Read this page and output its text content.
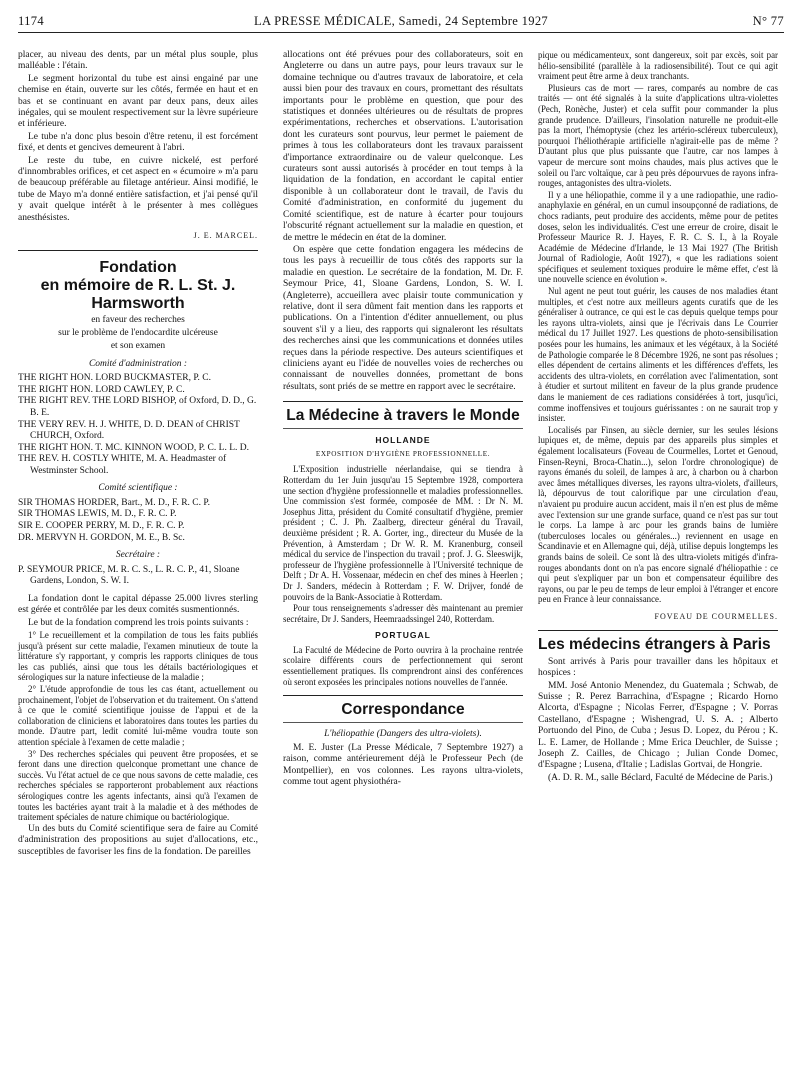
1174	LA PRESSE MÉDICALE, Samedi, 24 Septembre 1927	N° 77

placer, au niveau des dents, par un métal plus souple, plus malléable : l'étain.

Le segment horizontal du tube est ainsi engainé par une chemise en étain, ouverte sur les côtés, fermée en haut et en bas et se continuant en avant par deux pans, deux ailes inégales, qui se moulent respectivement sur la lèvre supérieure et inférieure.

Le tube n'a donc plus besoin d'être retenu, il est forcément fixé, et dents et gencives demeurent à l'abri.

Le reste du tube, en cuivre nickelé, est perforé d'innombrables orifices, et cet aspect en « écumoire » m'a paru de beaucoup préférable au filetage antérieur. Ainsi modifié, le tube de Mayo m'a donné entière satisfaction, et j'ai pensé qu'il y avait quelque intérêt à le présenter à mes collègues anesthésistes.

J. E. MARCEL.
Fondation
en mémoire de R. L. St. J. Harmsworth
en faveur des recherches
sur le problème de l'endocardite ulcéreuse
et son examen
Comité d'administration :
THE RIGHT HON. LORD BUCKMASTER, P. C.
THE RIGHT HON. LORD CAWLEY, P. C.
THE RIGHT REV. THE LORD BISHOP, of Oxford, D. D., G. B. E.
THE VERY REV. H. J. WHITE, D. D. DEAN of CHRIST CHURCH, Oxford.
THE RIGHT HON. T. MC. KINNON WOOD, P. C. L. L. D.
THE REV. H. COSTLY WHITE, M. A. Headmaster of Westminster School.
Comité scientifique :
SIR THOMAS HORDER, Bart., M. D., F. R. C. P.
SIR THOMAS LEWIS, M. D., F. R. C. P.
SIR E. COOPER PERRY, M. D., F. R. C. P.
DR. MERVYN H. GORDON, M. E., B. Sc.
Secrétaire :
P. SEYMOUR PRICE, M. R. C. S., L. R. C. P., 41, Sloane Gardens, London, S. W. I.

La fondation dont le capital dépasse 25.000 livres sterling est gérée et contrôlée par les deux comités susmentionnés.

Le but de la fondation comprend les trois points suivants :

1° Le recueillement et la compilation de tous les faits publiés jusqu'à présent sur cette maladie, l'examen minutieux de toute la littérature s'y rapportant, y compris les rapports cliniques de tous les cas publiés, ainsi que tous les détails bactériologiques et sérologiques sur la nature infectieuse de la maladie ;

2° L'étude approfondie de tous les cas étant, actuellement ou prochainement, l'objet de l'observation et du traitement. On s'attend à ce que le comité scientifique jouisse de l'appui et de la collaboration de cliniciens et laboratoires dans toutes les parties du monde. D'autre part, ledit comité lui-même voudra toute son attention spéciale à l'examen de cette maladie ;

3° Des recherches spéciales qui peuvent être proposées, et se feront dans une direction quelconque promettant une chance de succès. Vu l'état actuel de ce que nous savons de cette maladie, ces recherches spéciales se rapporteront probablement aux réactions sérologiques contre les agents infectants, ainsi qu'à l'examen de toutes les bactéries ayant trait à la maladie et à des méthodes de traitement spéciales de nature chimique ou bactériologique.

Un des buts du Comité scientifique sera de faire au Comité d'administration des propositions au sujet d'allocations, etc., susceptibles de favoriser les fins de la fondation. De pareilles

allocations ont été prévues pour des collaborateurs, soit en Angleterre ou dans un autre pays, pour leurs travaux sur le domaine technique ou d'autres travaux de laboratoire, et cela aussi bien pour des travaux en cours, promettant des résultats importants pour le problème en question, que pour des statistiques et données ultérieures ou de résultats de propres expérimentations, recherches et observations. L'autorisation dont les curateurs sont pourvus, leur permet le paiement de primes à tous les collaborateurs dont les travaux paraissent d'importance extraordinaire ou de valeur quelconque. Les curateurs sont aussi autorisés à procéder en tout temps à la liquidation de la fondation, en accordant le capital entier disponible à un collaborateur dont le travail, de l'avis du Comité d'administration, en conformité du jugement du Comité scientifique, est de nature à écarter pour toujours l'obscurité régnant actuellement sur la maladie en question, et de mettre le médecin en état de la dominer.

On espère que cette fondation engagera les médecins de tous les pays à recueillir de tous côtés des rapports sur la maladie en question. Le secrétaire de la fondation, M. Dr. F. Seymour Price, 41, Sloane Gardens, London, S. W. I. (Angleterre), accueillera avec plaisir toute communication y relative, dont il sera dûment fait mention dans les rapports et publications. On a l'intention d'éditer annuellement, ou plus souvent s'il y a lieu, des rapports qui signaleront les résultats des recherches ainsi que les communications et données utiles reçues dans la période respective. Des auteurs scientifiques et cliniciens ayant eu l'idée de nouvelles voies de recherches ou connaissant de nouvelles données, promettant de bons résultats, sont priés de se mettre en rapport avec le secrétaire.

La Médecine à travers le Monde
HOLLANDE
EXPOSITION D'HYGIÈNE PROFESSIONNELLE.

L'Exposition industrielle néerlandaise, qui se tiendra à Rotterdam du 1er Juin jusqu'au 15 Septembre 1928, comportera une section d'hygiène professionnelle et maladies professionnelles. Une commission s'est formée, composée de MM. : Dr N. M. Josephus Jitta, président du Comité consultatif d'hygiène, premier président ; C. J. Ph. Zaalberg, directeur général du Travail, deuxième président ; R. A. Gorter, ing., directeur du Musée de la Prévention, à Amsterdam ; Dr W. R. M. Kranenburg, conseil médical du service de l'inspection du travail ; prof. J. G. Sleeswijk, professeur de l'hygiène professionnelle à l'Université technique de Delft ; Dr A. H. Vossenaar, médecin en chef des mines à Heerlen ; Dr J. Sanders, médecin à Rotterdam ; F. W. Drijver, fondé de pouvoirs de la Bank-Associatie à Rotterdam.

Pour tous renseignements s'adresser dès maintenant au premier secrétaire, Dr J. Sanders, Heemraadssingel 240, Rotterdam.

PORTUGAL

La Faculté de Médecine de Porto ouvrira à la prochaine rentrée scolaire différents cours de perfectionnement qui seront essentiellement pratiques. Ils comprendront ainsi des conférences où seront exposées les principales notions nouvelles de l'année.

Correspondance
L'héliopathie (Dangers des ultra-violets).

M. E. Juster (La Presse Médicale, 7 Septembre 1927) a raison, comme antérieurement déjà le Professeur Pech (de Montpellier), en vos colonnes. Les rayons ultra-violets, comme tout agent physiothéra-

pique ou médicamenteux, sont dangereux, soit par excès, soit par hélio-sensibilité (parallèle à la radiosensibilité). Tout ce qui agit vraiment peut être arme à deux tranchants.

Plusieurs cas de mort — rares, comparés au nombre de cas traités — ont été signalés à la suite d'applications ultra-violettes (Pech, Ronèche, Juster) et cela suffit pour commander la plus grande prudence. D'ailleurs, l'insolation naturelle ne produit-elle pas la mort, l'hémoptysie (chez les artério-scléreux tuberculeux), pourquoi l'héliothérapie artificielle n'agirait-elle pas de même ? D'autant plus que plus puissante que l'autre, car nos lampes à vapeur de mercure sont moins chaudes, mais plus actives que le soleil ou l'arc voltaïque, car à peu près dépourvues de rayons infra-rouges, antagonistes des ultra-violets.

Il y a une héliopathie, comme il y a une radiopathie, une radio-anaphylaxie en général, en un cumul insoupçonné de radiations, de chocs radiants, peut produire des accidents, même pour de petites doses, selon les individualités. C'est une erreur de croire, disait le Professeur Maurice R. J. Hayes, F. R. C. S. I., à la Royale Académie de Médecine d'Irlande, le 13 Mai 1927 (The British Journal of Radiologie, Août 1927), « que les radiations soient spécifiques et seulement toxiques produire le même effet, c'est là une nouvelle science en évolution ».

Nul agent ne peut tout guérir, les causes de nos maladies étant multiples, et c'est notre aux meilleurs agents curatifs que de les généraliser à outrance, ce qui est le cas depuis quelque temps pour les rayons ultra-violets, ainsi que je l'écrivais dans Le Courrier médical du 17 Juillet 1927. Les questions de photo-sensibilisation posées pour les humains, les animaux et les végétaux, à la Société de Pathologie comparée le 8 Décembre 1926, ne sont pas résolues ; elles dépendent de certains aliments et les différences d'effets, les accidents des ultra-violets, en corrélation avec l'alimentation, sont à étudier et surtout militent en faveur de la plus grande prudence dans le maniement de ces radiations considérées à tort, jusqu'ici, comme inoffensives et toujours guérissantes : on ne saurait trop y insister.

Localisés par Finsen, au siècle dernier, sur les seules lésions lupiques et, de même, depuis par des appareils plus simples et également localisateurs (Foveau de Courmelles, Lortet et Genoud, Finsen-Reyni, Broca-Chatin...), selon l'ordre chronologique) de rayons émanés du soleil, de lampes à arc, à charbon ou à charbon avec âmes métalliques diverses, les rayons ultra-violets, d'ailleurs, là, dépourvus de tout calorifique par une circulation d'eau, n'avaient pu produire aucun accident, mais il n'en est plus de même avec l'extension sur une grande surface, quand ce n'est pas sur tout le corps. La lampe à arc pour les grands bains de lumière (tuberculoses locales ou générales...) reviennent en usage en Scandinavie et en Allemagne qui, déjà, utilise depuis longtemps les grands bains de soleil. Ce sont là des ultra-violets mitigés d'infra-rouges abondants dont on n'a pas encore signalé d'héliopathie : ce qui peut s'expliquer par un bon et compensateur équilibre des rayons, ou par le peu de temps de leur emploi à l'étranger et encore peu en France à leur connaissance.

FOVEAU DE COURMELLES.
Les médecins étrangers à Paris

Sont arrivés à Paris pour travailler dans les hôpitaux et hospices :

MM. José Antonio Menendez, du Guatemala ; Schwab, de Suisse ; R. Perez Barrachina, d'Espagne ; Ricardo Horno Alcorta, d'Espagne ; Nicolas Ferrer, d'Espagne ; V. Porras Castellano, d'Espagne ; Wishengrad, U. S. A. ; Alberto Portuondo del Pino, de Cuba ; Jesus D. Lopez, du Pérou ; K. L. E. Lamer, de Hollande ; Mme Erica Deuchler, de Suisse ; Joseph Z. Cailles, de Chicago ; Julian Conde Domec, d'Espagne ; Lusena, d'Italie ; Ladislas Gortvai, de Hongrie.

(A. D. R. M., salle Béclard, Faculté de Médecine de Paris.)
